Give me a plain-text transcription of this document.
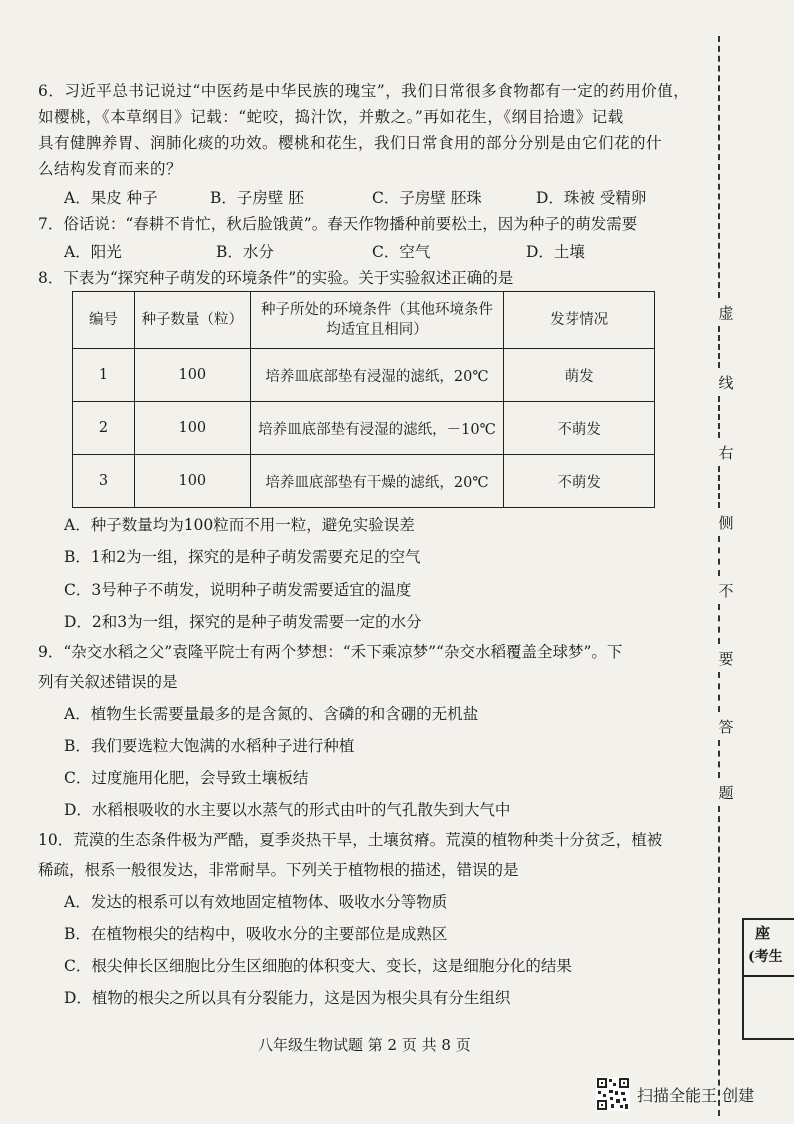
6．习近平总书记说过“中医药是中华民族的瑰宝”，我们日常很多食物都有一定的药用价值，
如樱桃，《本草纲目》记载：“蛇咬，捣汁饮，并敷之。”再如花生，《纲目拾遗》记载
具有健脾养胃、润肺化痰的功效。樱桃和花生，我们日常食用的部分分别是由它们花的什
么结构发育而来的？
A．果皮 种子	B．子房壁 胚	C．子房壁 胚珠	D．珠被 受精卵
7．俗话说：“春耕不肯忙，秋后脸饿黄”。春天作物播种前要松土，因为种子的萌发需要
A．阳光	B．水分	C．空气	D．土壤
8．下表为“探究种子萌发的环境条件”的实验。关于实验叙述正确的是
编号	种子数量（粒）	种子所处的环境条件（其他环境条件
均适宜且相同）	发芽情况
1	100	培养皿底部垫有浸湿的滤纸，20℃	萌发
2	100	培养皿底部垫有浸湿的滤纸，－10℃	不萌发
3	100	培养皿底部垫有干燥的滤纸，20℃	不萌发
A．种子数量均为100粒而不用一粒，避免实验误差
B．1和2为一组，探究的是种子萌发需要充足的空气
C．3号种子不萌发，说明种子萌发需要适宜的温度
D．2和3为一组，探究的是种子萌发需要一定的水分
9．“杂交水稻之父”袁隆平院士有两个梦想：“禾下乘凉梦”“杂交水稻覆盖全球梦”。下
列有关叙述错误的是
A．植物生长需要量最多的是含氮的、含磷的和含硼的无机盐
B．我们要选粒大饱满的水稻种子进行种植
C．过度施用化肥，会导致土壤板结
D．水稻根吸收的水主要以水蒸气的形式由叶的气孔散失到大气中
10．荒漠的生态条件极为严酷，夏季炎热干旱，土壤贫瘠。荒漠的植物种类十分贫乏，植被
稀疏，根系一般很发达，非常耐旱。下列关于植物根的描述，错误的是
A．发达的根系可以有效地固定植物体、吸收水分等物质
B．在植物根尖的结构中，吸收水分的主要部位是成熟区
C．根尖伸长区细胞比分生区细胞的体积变大、变长，这是细胞分化的结果
D．植物的根尖之所以具有分裂能力，这是因为根尖具有分生组织
八年级生物试题 第 2 页 共 8 页
虚
线
右
侧
不
要
答
题
座
(考生
扫描全能王 创建
